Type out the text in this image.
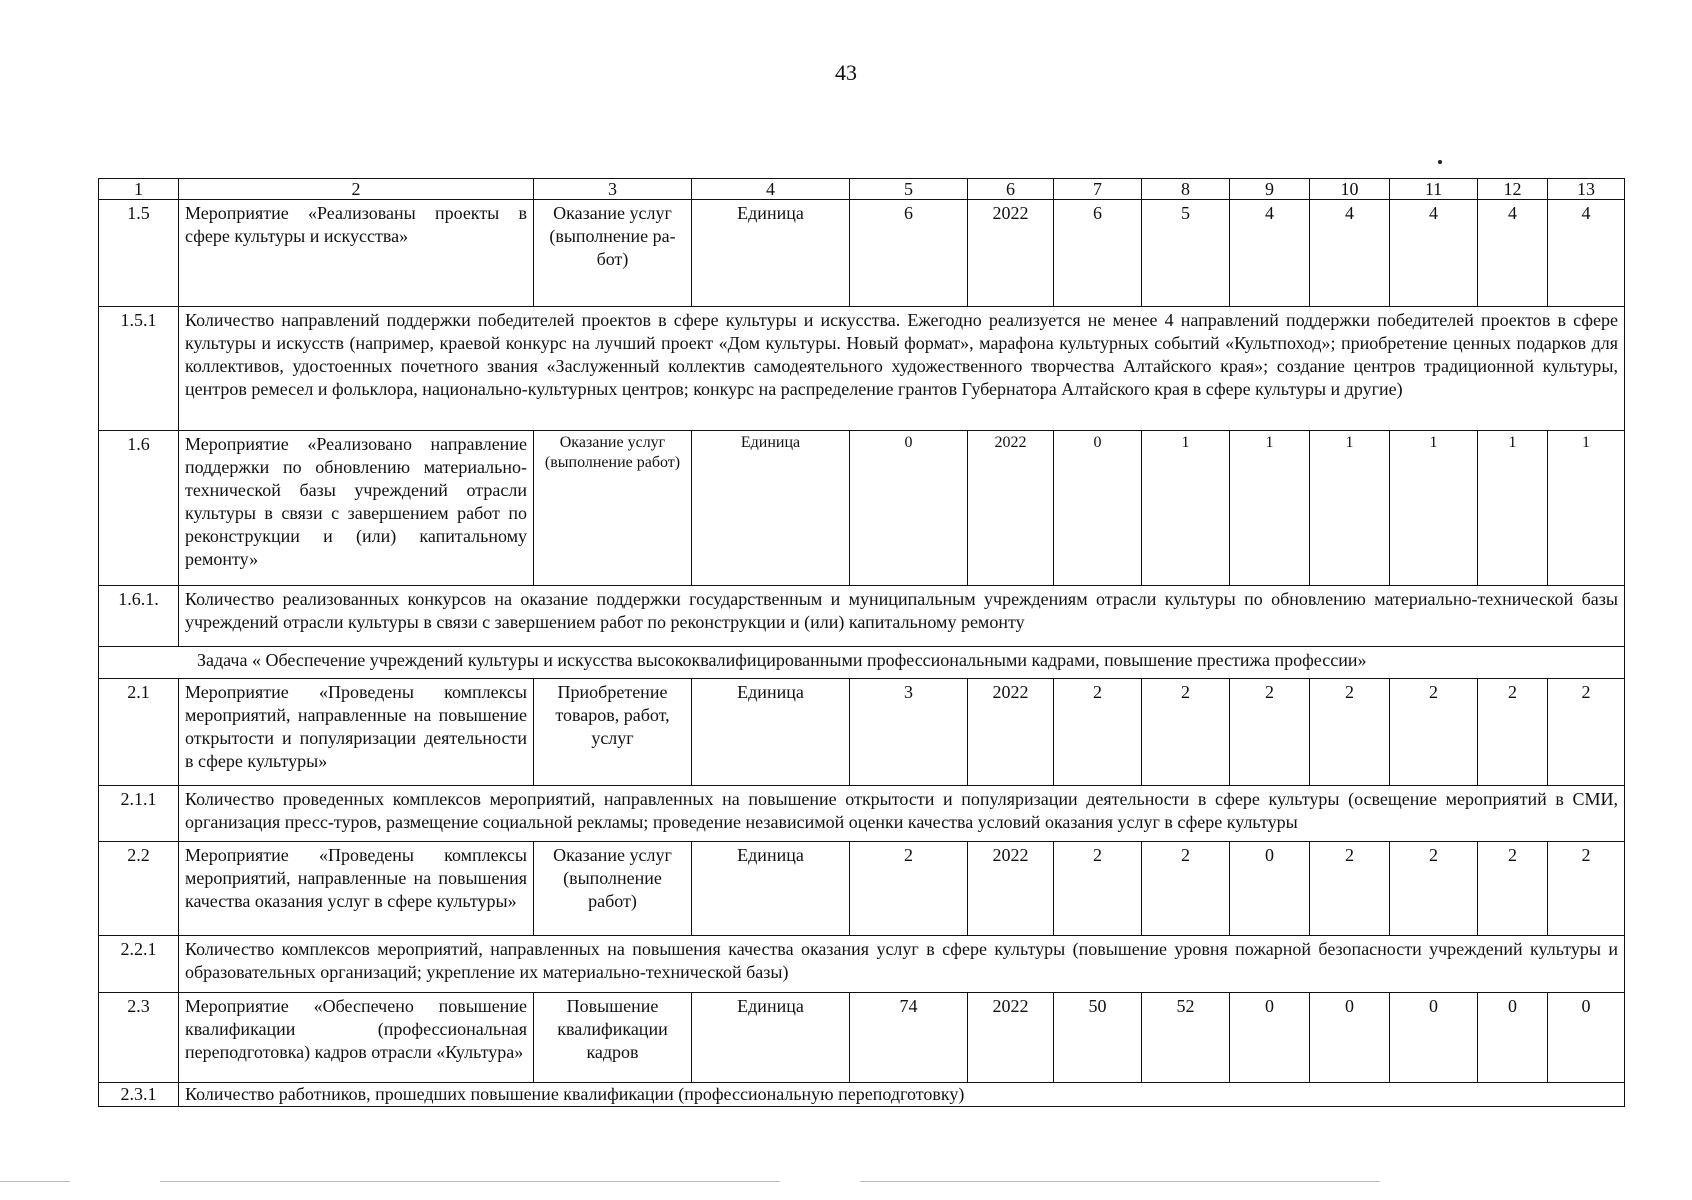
43
1	2	3	4	5	6	7	8	9	10	11	12	13
1.5	Мероприятие «Реализованы проекты в сфере культуры и искусства»	Оказание услуг (выполнение работ)	Единица	6	2022	6	5	4	4	4	4	4
1.5.1	Количество направлений поддержки победителей проектов в сфере культуры и искусства. Ежегодно реализуется не менее 4 направлений поддержки победителей проектов в сфере культуры и искусств (например, краевой конкурс на лучший проект «Дом культуры. Новый формат», марафона культурных событий «Культпоход»; приобретение ценных подарков для коллективов, удостоенных почетного звания «Заслуженный коллектив самодеятельного художественного творчества Алтайского края»; создание центров традиционной культуры, центров ремесел и фольклора, национально-культурных центров; конкурс на распределение грантов Губернатора Алтайского края в сфере культуры и другие)											
1.6	Мероприятие «Реализовано направление поддержки по обновлению материально-технической базы учреждений отрасли культуры в связи с завершением работ по реконструкции и (или) капитальному ремонту»	Оказание услуг (выполнение работ)	Единица	0	2022	0	1	1	1	1	1	1
1.6.1.	Количество реализованных конкурсов на оказание поддержки государственным и муниципальным учреждениям отрасли культуры по обновлению материально-технической базы учреждений отрасли культуры в связи с завершением работ по реконструкции и (или) капитальному ремонту											
Задача « Обеспечение учреждений культуры и искусства высококвалифицированными профессиональными кадрами, повышение престижа профессии»												
2.1	Мероприятие «Проведены комплексы мероприятий, направленные на повышение открытости и популяризации деятельности в сфере культуры»	Приобретение товаров, работ, услуг	Единица	3	2022	2	2	2	2	2	2	2
2.1.1	Количество проведенных комплексов мероприятий, направленных на повышение открытости и популяризации деятельности в сфере культуры (освещение мероприятий в СМИ, организация пресс-туров, размещение социальной рекламы; проведение независимой оценки качества условий оказания услуг в сфере культуры											
2.2	Мероприятие «Проведены комплексы мероприятий, направленные на повышения качества оказания услуг в сфере культуры»	Оказание услуг (выполнение работ)	Единица	2	2022	2	2	0	2	2	2	2
2.2.1	Количество комплексов мероприятий, направленных на повышения качества оказания услуг в сфере культуры (повышение уровня пожарной безопасности учреждений культуры и образовательных организаций; укрепление их материально-технической базы)											
2.3	Мероприятие «Обеспечено повышение квалификации (профессиональная переподготовка) кадров отрасли «Культура»	Повышение квалификации кадров	Единица	74	2022	50	52	0	0	0	0	0
2.3.1	Количество работников, прошедших повышение квалификации (профессиональную переподготовку)											
